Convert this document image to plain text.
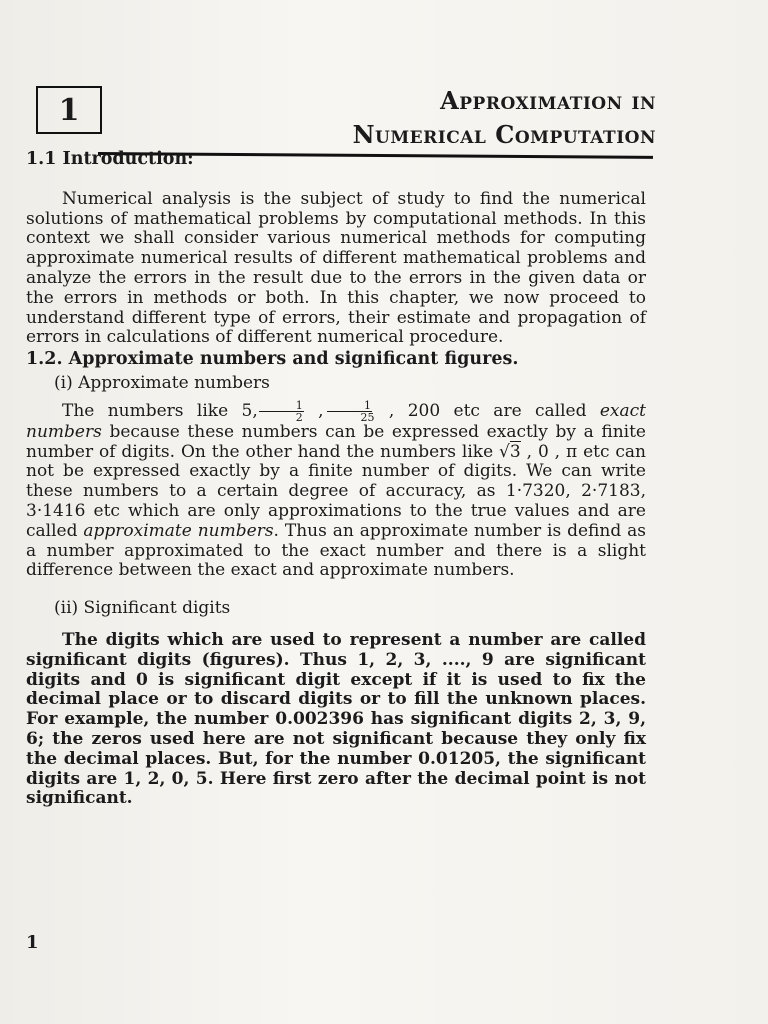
1	Approximation in
Numerical Computation

1.1 Introduction:

Numerical analysis is the subject of study to find the numerical solutions of mathematical problems by computational methods. In this context we shall consider various numerical methods for computing approximate numerical results of different mathematical problems and analyze the errors in the result due to the errors in the given data or the errors in methods or both. In this chapter, we now proceed to understand different type of errors, their estimate and propagation of errors in calculations of different numerical procedure.

1.2. Approximate numbers and significant figures.

(i) Approximate numbers

The numbers like 5, $\frac{1}{2}$ , $\frac{1}{25}$ , 200 etc are called exact numbers because these numbers can be expressed exactly by a finite number of digits. On the other hand the numbers like √3 , 0 , π etc can not be expressed exactly by a finite number of digits. We can write these numbers to a certain degree of accuracy, as 1·7320, 2·7183, 3·1416 etc which are only approximations to the true values and are called approximate numbers. Thus an approximate number is defind as a number approximated to the exact number and there is a slight difference between the exact and approximate numbers.

(ii) Significant digits

The digits which are used to represent a number are called significant digits (figures). Thus 1, 2, 3, ...., 9 are significant digits and 0 is significant digit except if it is used to fix the decimal place or to discard digits or to fill the unknown places. For example, the number 0.002396 has significant digits 2, 3, 9, 6; the zeros used here are not significant because they only fix the decimal places. But, for the number 0.01205, the significant digits are 1, 2, 0, 5. Here first zero after the decimal point is not significant.

1
